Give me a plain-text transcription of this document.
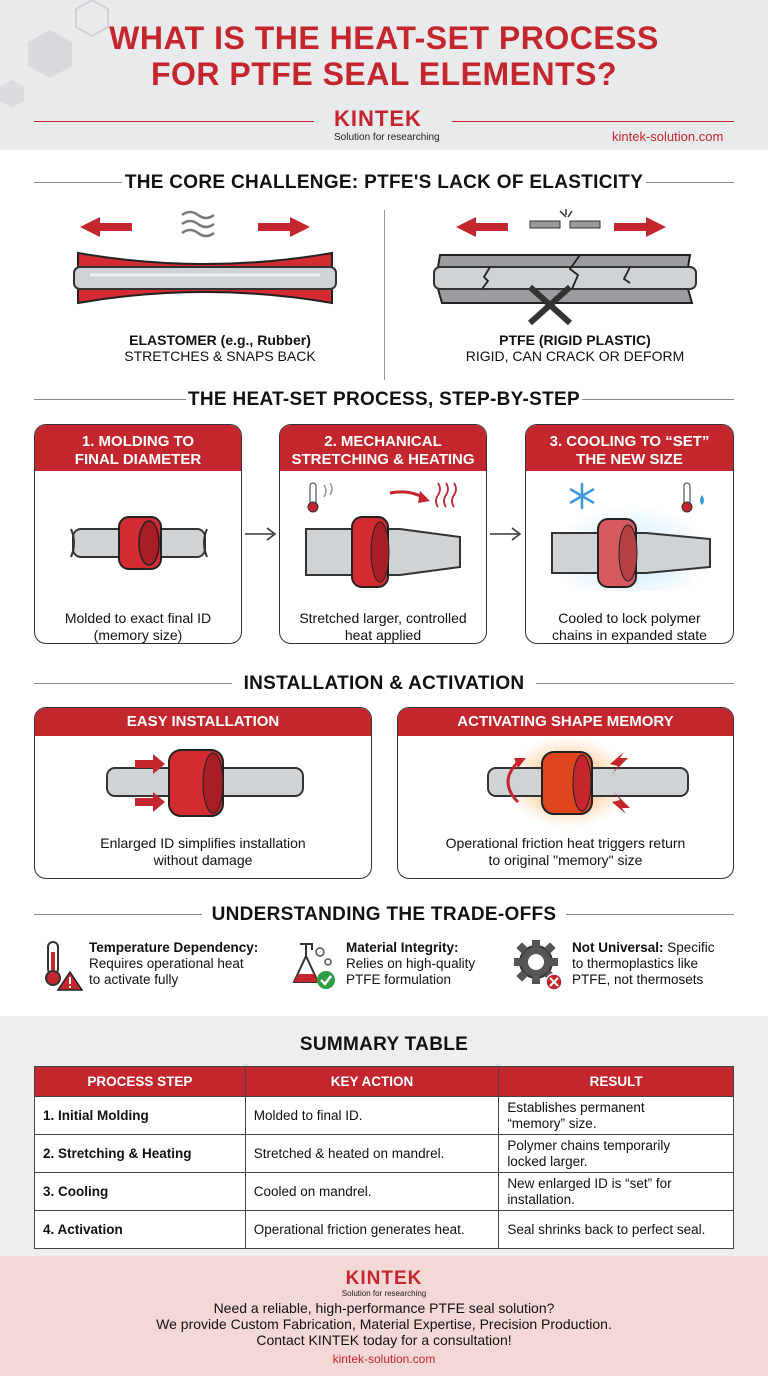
WHAT IS THE HEAT-SET PROCESS
FOR PTFE SEAL ELEMENTS?
KINTEK
Solution for researching	kintek-solution.com
THE CORE CHALLENGE: PTFE'S LACK OF ELASTICITY
ELASTOMER (e.g., Rubber)
STRETCHES & SNAPS BACK
PTFE (RIGID PLASTIC)
RIGID, CAN CRACK OR DEFORM
THE HEAT-SET PROCESS, STEP-BY-STEP
1. MOLDING TO
FINAL DIAMETER
Molded to exact final ID
(memory size)
2. MECHANICAL
STRETCHING & HEATING
Stretched larger, controlled
heat applied
3. COOLING TO “SET”
THE NEW SIZE
Cooled to lock polymer
chains in expanded state
INSTALLATION & ACTIVATION
EASY INSTALLATION
Enlarged ID simplifies installation
without damage
ACTIVATING SHAPE MEMORY
Operational friction heat triggers return
to original "memory" size
UNDERSTANDING THE TRADE-OFFS
Temperature Dependency:
Requires operational heat
to activate fully
Material Integrity:
Relies on high-quality
PTFE formulation
Not Universal: Specific
to thermoplastics like
PTFE, not thermosets
SUMMARY TABLE
PROCESS STEP	KEY ACTION	RESULT
1. Initial Molding	Molded to final ID.	Establishes permanent
“memory” size.

2. Stretching & Heating	Stretched & heated on mandrel.	Polymer chains temporarily
locked larger.

3. Cooling	Cooled on mandrel.	New enlarged ID is “set” for
installation.

4. Activation	Operational friction generates heat.	Seal shrinks back to perfect seal.
KINTEK
Solution for researching
Need a reliable, high-performance PTFE seal solution?
We provide Custom Fabrication, Material Expertise, Precision Production.
Contact KINTEK today for a consultation!
kintek-solution.com
